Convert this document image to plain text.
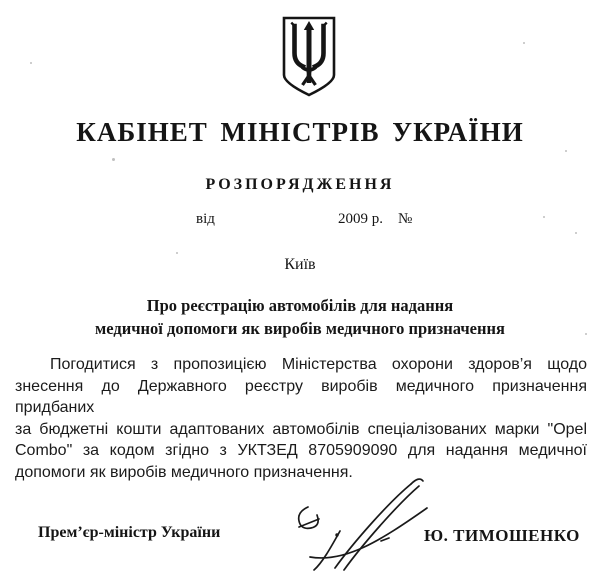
КАБІНЕТ МІНІСТРІВ УКРАЇНИ
РОЗПОРЯДЖЕННЯ
від	2009 р. №
Київ
Про реєстрацію автомобілів для надання
медичної допомоги як виробів медичного призначення
Погодитися з пропозицією Міністерства охорони здоров’я щодо
знесення до Державного реєстру виробів медичного призначення придбаних
за бюджетні кошти адаптованих автомобілів спеціалізованих марки "Opel
Combo" за кодом згідно з УКТЗЕД 8705909090 для надання медичної
допомоги як виробів медичного призначення.
Прем’єр-міністр України	Ю. ТИМОШЕНКО
